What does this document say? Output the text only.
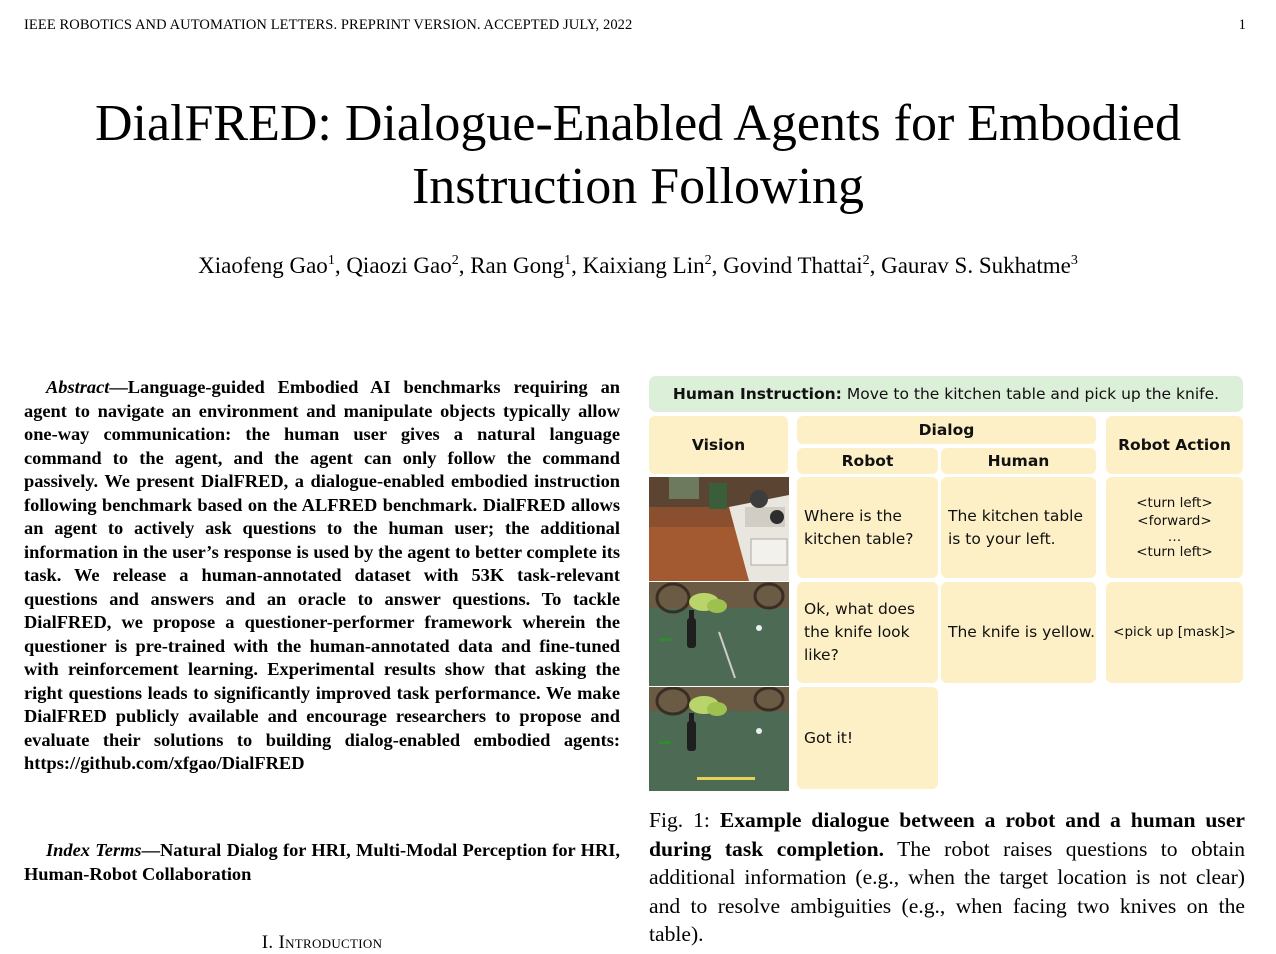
IEEE ROBOTICS AND AUTOMATION LETTERS. PREPRINT VERSION. ACCEPTED JULY, 2022	1
DialFRED: Dialogue-Enabled Agents for Embodied
Instruction Following
Xiaofeng Gao$^1$, Qiaozi Gao$^2$, Ran Gong$^1$, Kaixiang Lin$^2$, Govind Thattai$^2$, Gaurav S. Sukhatme$^3$
Abstract—Language-guided Embodied AI benchmarks requiring an agent to navigate an environment and manipulate objects typically allow one-way communication: the human user gives a natural language command to the agent, and the agent can only follow the command passively. We present DialFRED, a dialogue-enabled embodied instruction following benchmark based on the ALFRED benchmark. DialFRED allows an agent to actively ask questions to the human user; the additional information in the user’s response is used by the agent to better complete its task. We release a human-annotated dataset with 53K task-relevant questions and answers and an oracle to answer questions. To tackle DialFRED, we propose a questioner-performer framework wherein the questioner is pre-trained with the human-annotated data and fine-tuned with reinforcement learning. Experimental results show that asking the right questions leads to significantly improved task performance. We make DialFRED publicly available and encourage researchers to propose and evaluate their solutions to building dialog-enabled embodied agents: https://github.com/xfgao/DialFRED
Index Terms—Natural Dialog for HRI, Multi-Modal Perception for HRI, Human-Robot Collaboration
I. Introduction
Human Instruction: Move to the kitchen table and pick up the knife.
Vision
Dialog
Robot	Human
Robot Action
Where is the kitchen table?
The kitchen table is to your left.
<turn left>
<forward>
…
<turn left>
Ok, what does the knife look like?
The knife is yellow. <pick up [mask]>
Got it!
Fig. 1: Example dialogue between a robot and a human user during task completion. The robot raises questions to obtain additional information (e.g., when the target location is not clear) and to resolve ambiguities (e.g., when facing two knives on the table).
